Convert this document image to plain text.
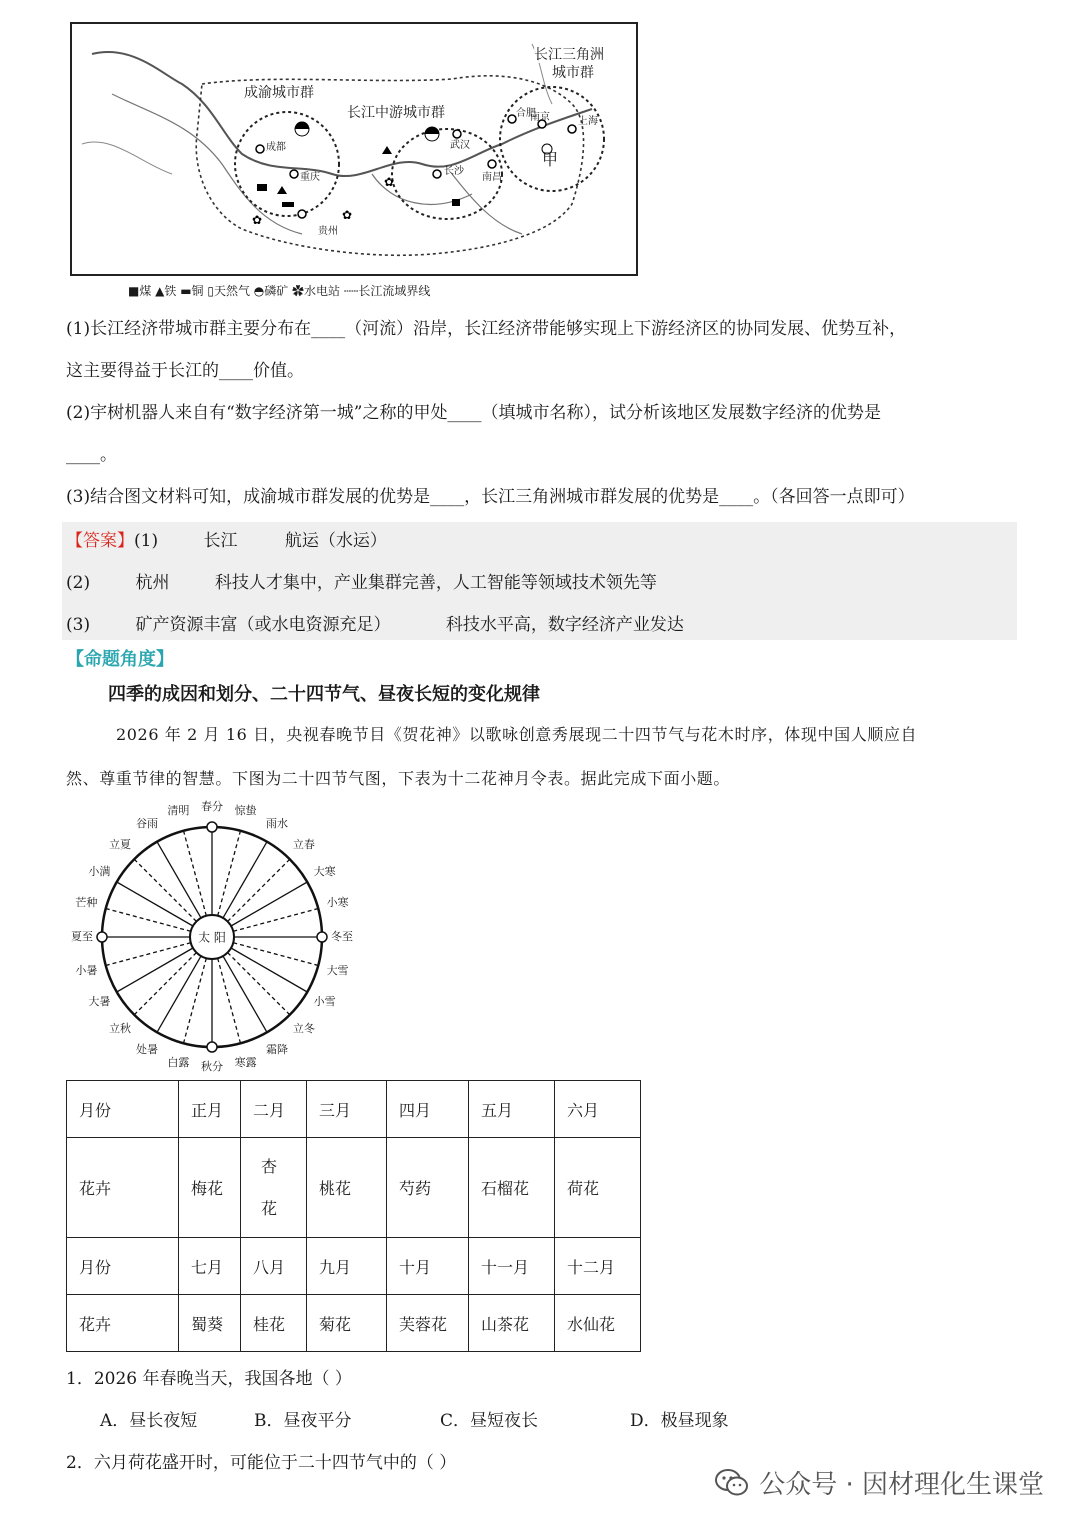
✿	✿
✿
成渝城市群
长江中游城市群
长江三角洲
城市群
甲
成都
重庆
贵州
武汉
长沙
南昌
合肥
南京	上海
■煤 ▲铁 ▬铜 ▯天然气 ◓磷矿 ✿水电站 ┄┄长江流域界线
(1)长江经济带城市群主要分布在____（河流）沿岸，长江经济带能够实现上下游经济区的协同发展、优势互补，
这主要得益于长江的____价值。
(2)宇树机器人来自有“数字经济第一城”之称的甲处____（填城市名称），试分析该地区发展数字经济的优势是
____。
(3)结合图文材料可知，成渝城市群发展的优势是____，长江三角洲城市群发展的优势是____。（各回答一点即可）
【答案】(1)	长江	航运（水运）
(2)	杭州	科技人才集中，产业集群完善，人工智能等领域技术领先等
(3)	矿产资源丰富（或水电资源充足）	科技水平高，数字经济产业发达
【命题角度】
四季的成因和划分、二十四节气、昼夜长短的变化规律
2026 年 2 月 16 日，央视春晚节目《贺花神》以歌咏创意秀展现二十四节气与花木时序，体现中国人顺应自
然、尊重节律的智慧。下图为二十四节气图，下表为十二花神月令表。据此完成下面小题。
太 阳
春分
清明
谷雨
立夏
小满
芒种
夏至
小暑
大暑
立秋
处暑
白露 秋分 寒露
霜降
立冬
小雪
大雪
冬至
小寒
大寒
立春
雨水
惊蛰
月份	正月	二月	三月	四月	五月	六月
花卉	梅花	杏花	桃花	芍药	石榴花	荷花
月份	七月	八月	九月	十月	十一月	十二月
花卉	蜀葵	桂花	菊花	芙蓉花	山茶花	水仙花
1．2026 年春晚当天，我国各地（ ）
A．昼长夜短	B．昼夜平分	C．昼短夜长	D．极昼现象
2．六月荷花盛开时，可能位于二十四节气中的（ ）
公众号 · 因材理化生课堂
